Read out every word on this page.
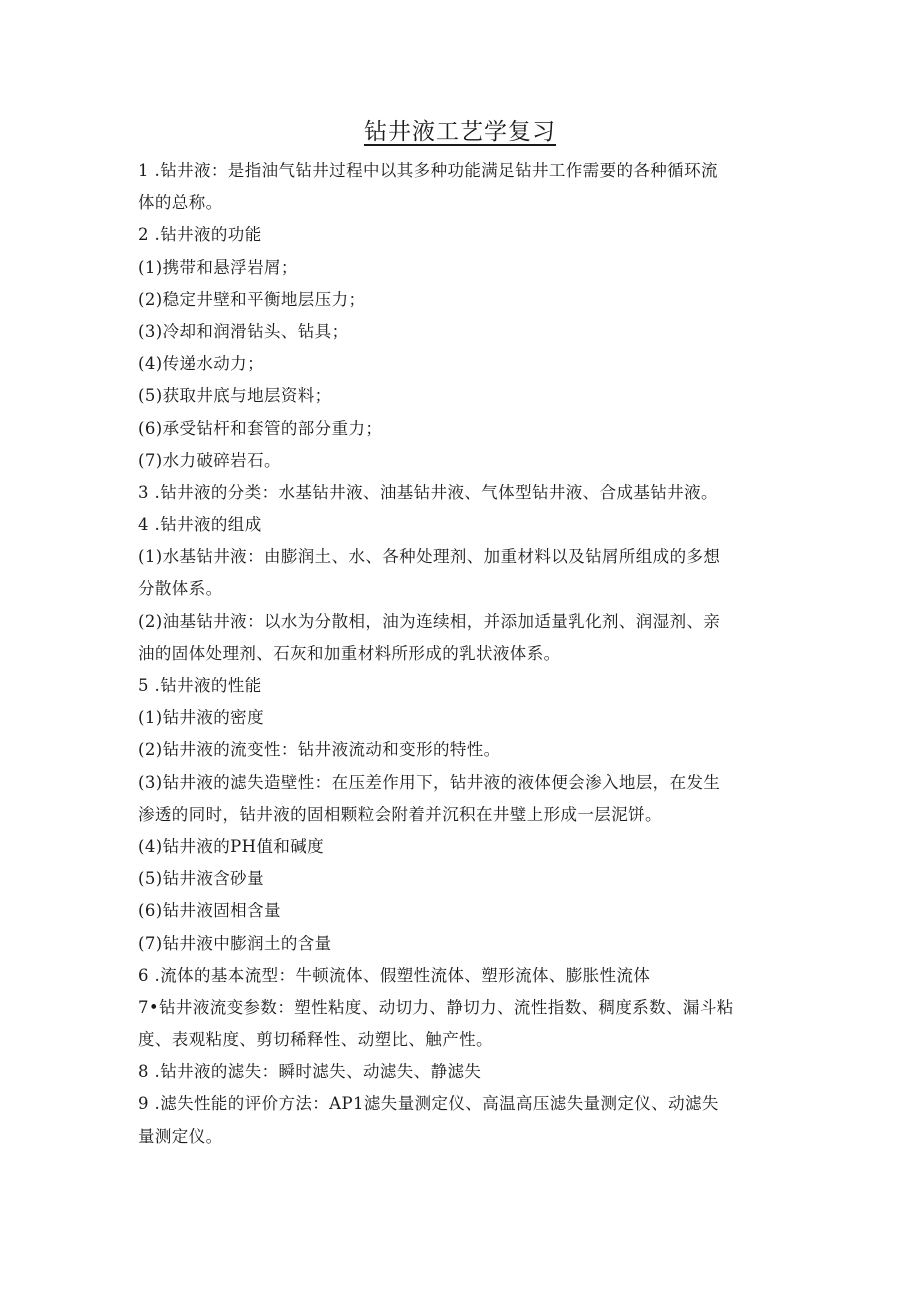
钻井液工艺学复习
1 .钻井液：是指油气钻井过程中以其多种功能满足钻井工作需要的各种循环流
体的总称。
2 .钻井液的功能
(1)携带和悬浮岩屑；
(2)稳定井壁和平衡地层压力；
(3)冷却和润滑钻头、钻具；
(4)传递水动力；
(5)获取井底与地层资料；
(6)承受钻杆和套管的部分重力；
(7)水力破碎岩石。
3 .钻井液的分类：水基钻井液、油基钻井液、气体型钻井液、合成基钻井液。
4 .钻井液的组成
(1)水基钻井液：由膨润土、水、各种处理剂、加重材料以及钻屑所组成的多想
分散体系。
(2)油基钻井液：以水为分散相，油为连续相，并添加适量乳化剂、润湿剂、亲
油的固体处理剂、石灰和加重材料所形成的乳状液体系。
5 .钻井液的性能
(1)钻井液的密度
(2)钻井液的流变性：钻井液流动和变形的特性。
(3)钻井液的滤失造壁性：在压差作用下，钻井液的液体便会渗入地层，在发生
渗透的同时，钻井液的固相颗粒会附着并沉积在井璧上形成一层泥饼。
(4)钻井液的PH值和碱度
(5)钻井液含砂量
(6)钻井液固相含量
(7)钻井液中膨润土的含量
6 .流体的基本流型：牛顿流体、假塑性流体、塑形流体、膨胀性流体
7•钻井液流变参数：塑性粘度、动切力、静切力、流性指数、稠度系数、漏斗粘
度、表观粘度、剪切稀释性、动塑比、触产性。
8 .钻井液的滤失：瞬时滤失、动滤失、静滤失
9 .滤失性能的评价方法：AP1滤失量测定仪、高温高压滤失量测定仪、动滤失
量测定仪。
